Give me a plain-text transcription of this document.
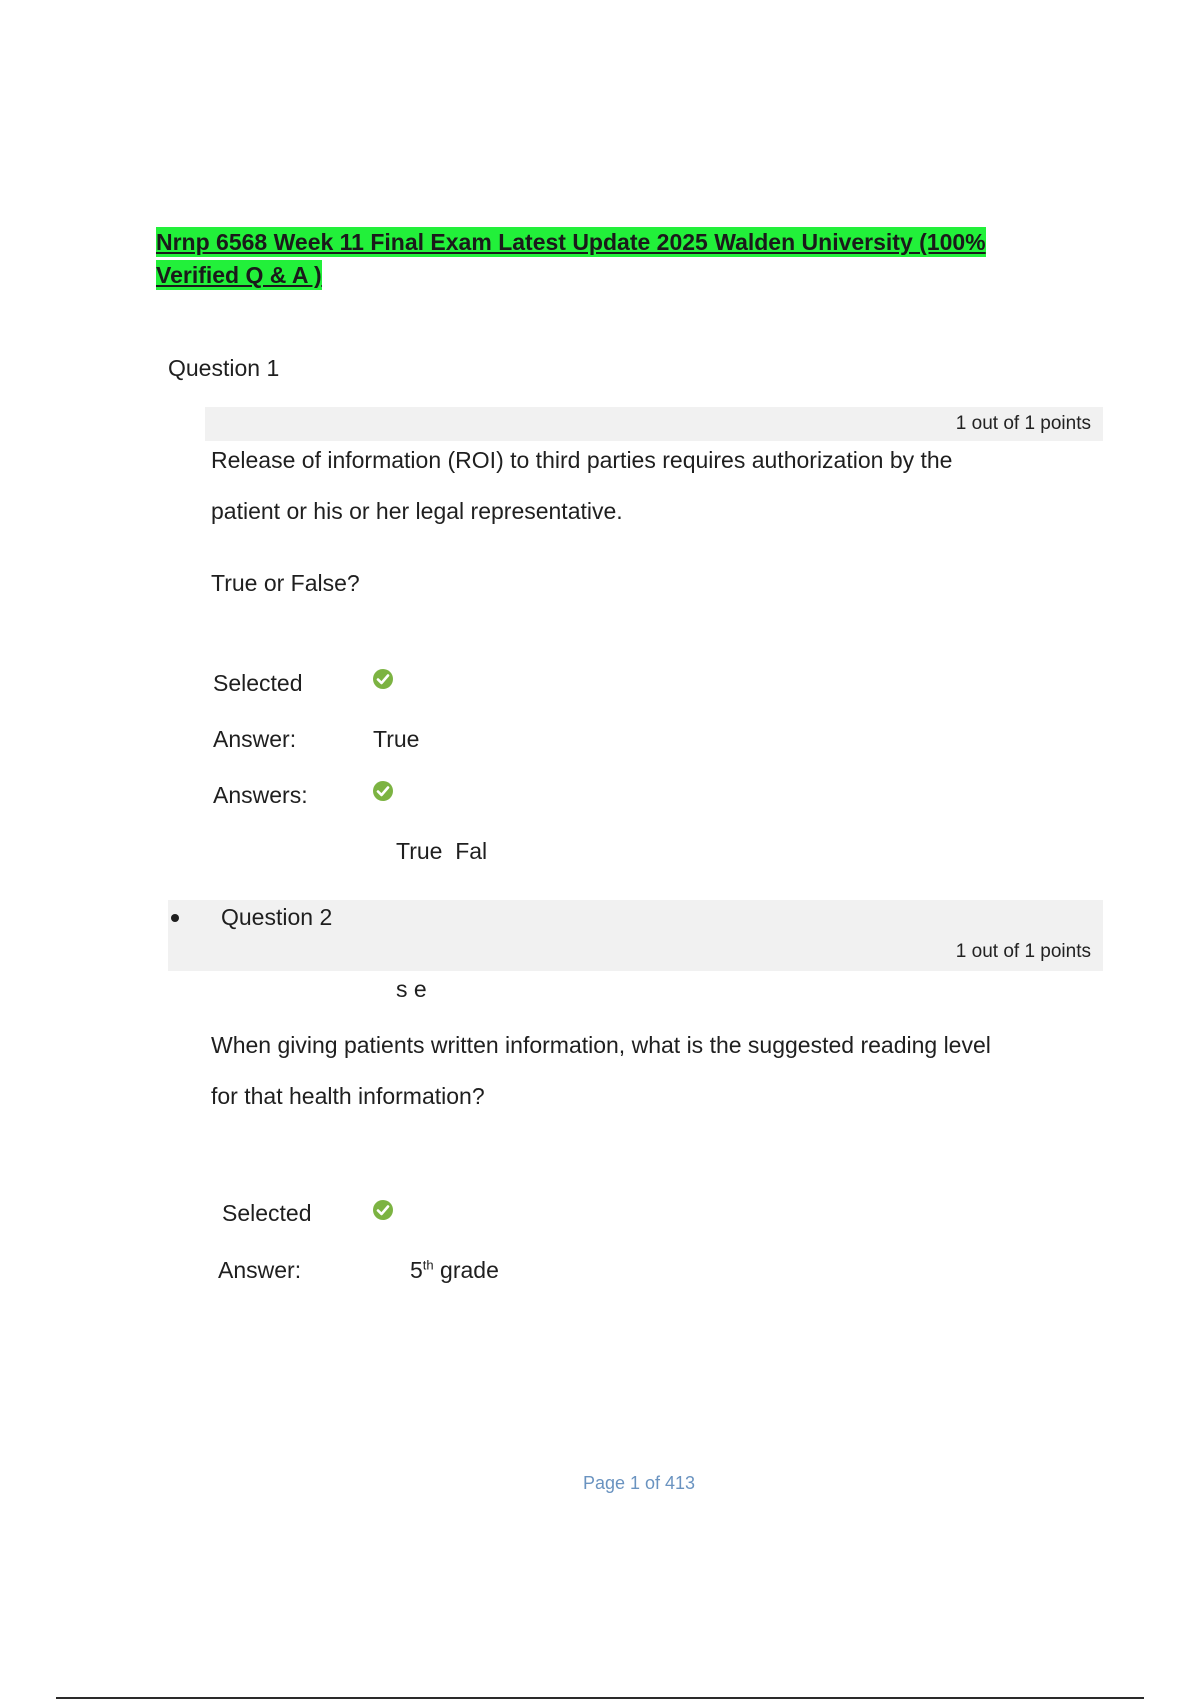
Nrnp 6568 Week 11 Final Exam Latest Update 2025 Walden University (100%
Verified Q & A )
Question 1
1 out of 1 points
Release of information (ROI) to third parties requires authorization by the
patient or his or her legal representative.
True or False?
Selected
Answer:	True
Answers:
True  Fal
1 out of 1 points
Question 2
s e
When giving patients written information, what is the suggested reading level
for that health information?
Selected
Answer:	5th grade
Page 1 of 413
